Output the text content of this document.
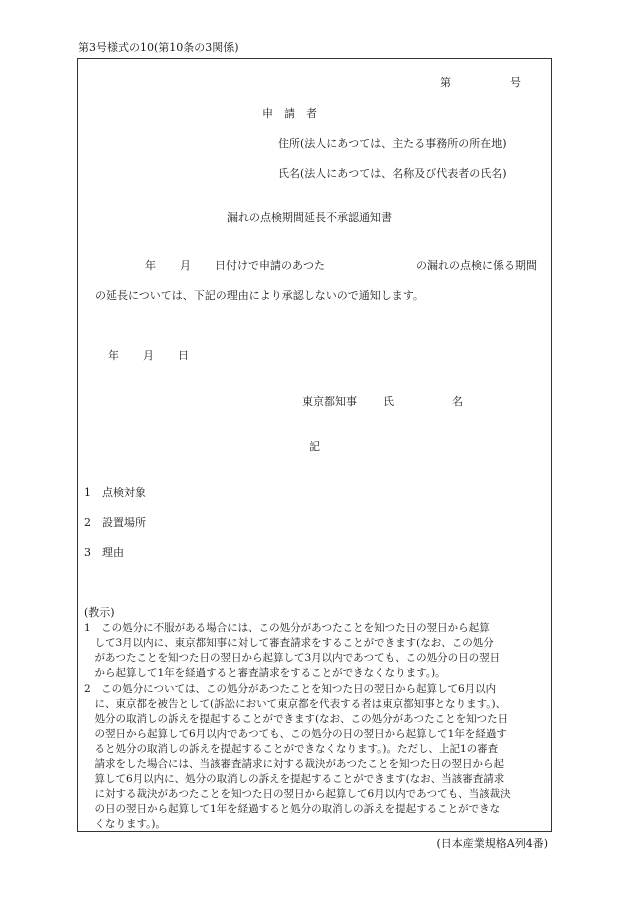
第3号様式の10(第10条の3関係)
第	号
申　請　者
住所(法人にあつては、主たる事務所の所在地)
氏名(法人にあつては、名称及び代表者の氏名)
漏れの点検期間延長不承認通知書
年 月 日付けで申請のあつた	の漏れの点検に係る期間
の延長については、下記の理由により承認しないので通知します。
年 月 日
東京都知事 氏	名
記
1　点検対象
2　設置場所
3　理由
(教示)
1　この処分に不服がある場合には、この処分があつたことを知つた日の翌日から起算
　して3月以内に、東京都知事に対して審査請求をすることができます(なお、この処分
　があつたことを知つた日の翌日から起算して3月以内であつても、この処分の日の翌日
　から起算して1年を経過すると審査請求をすることができなくなります。)。
2　この処分については、この処分があつたことを知つた日の翌日から起算して6月以内
　に、東京都を被告として(訴訟において東京都を代表する者は東京都知事となります。)、
　処分の取消しの訴えを提起することができます(なお、この処分があつたことを知つた日
　の翌日から起算して6月以内であつても、この処分の日の翌日から起算して1年を経過す
　ると処分の取消しの訴えを提起することができなくなります。)。ただし、上記1の審査
　請求をした場合には、当該審査請求に対する裁決があつたことを知つた日の翌日から起
　算して6月以内に、処分の取消しの訴えを提起することができます(なお、当該審査請求
　に対する裁決があつたことを知つた日の翌日から起算して6月以内であつても、当該裁決
　の日の翌日から起算して1年を経過すると処分の取消しの訴えを提起することができな
　くなります。)。
(日本産業規格A列4番)
